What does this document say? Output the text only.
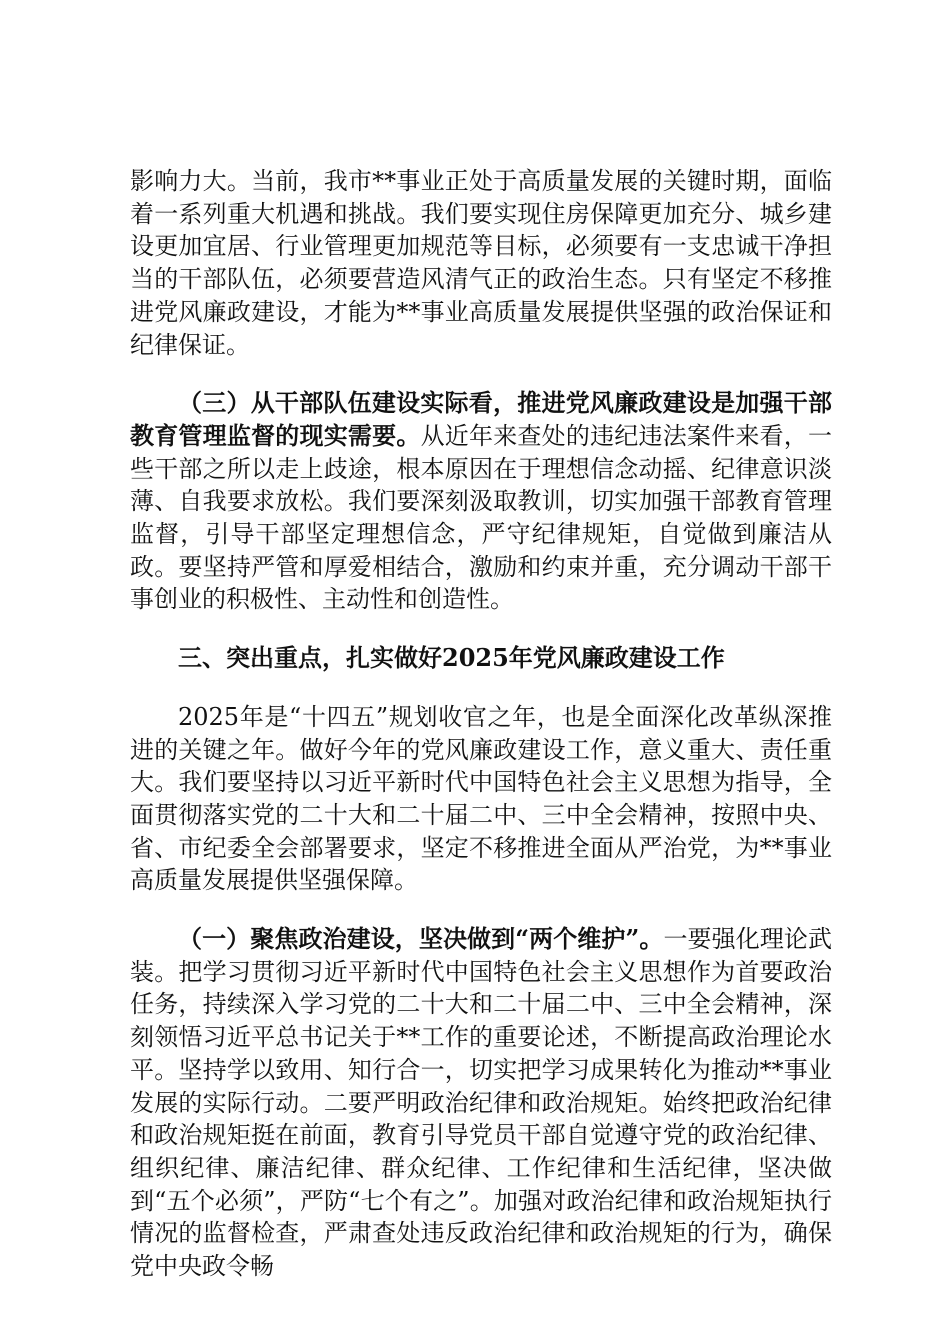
影响力大。当前，我市**事业正处于高质量发展的关键时期，面临着一系列重大机遇和挑战。我们要实现住房保障更加充分、城乡建设更加宜居、行业管理更加规范等目标，必须要有一支忠诚干净担当的干部队伍，必须要营造风清气正的政治生态。只有坚定不移推进党风廉政建设，才能为**事业高质量发展提供坚强的政治保证和纪律保证。

（三）从干部队伍建设实际看，推进党风廉政建设是加强干部教育管理监督的现实需要。从近年来查处的违纪违法案件来看，一些干部之所以走上歧途，根本原因在于理想信念动摇、纪律意识淡薄、自我要求放松。我们要深刻汲取教训，切实加强干部教育管理监督，引导干部坚定理想信念，严守纪律规矩，自觉做到廉洁从政。要坚持严管和厚爱相结合，激励和约束并重，充分调动干部干事创业的积极性、主动性和创造性。

三、突出重点，扎实做好2025年党风廉政建设工作

2025年是“十四五”规划收官之年，也是全面深化改革纵深推进的关键之年。做好今年的党风廉政建设工作，意义重大、责任重大。我们要坚持以习近平新时代中国特色社会主义思想为指导，全面贯彻落实党的二十大和二十届二中、三中全会精神，按照中央、省、市纪委全会部署要求，坚定不移推进全面从严治党，为**事业高质量发展提供坚强保障。

（一）聚焦政治建设，坚决做到“两个维护”。一要强化理论武装。把学习贯彻习近平新时代中国特色社会主义思想作为首要政治任务，持续深入学习党的二十大和二十届二中、三中全会精神，深刻领悟习近平总书记关于**工作的重要论述，不断提高政治理论水平。坚持学以致用、知行合一，切实把学习成果转化为推动**事业发展的实际行动。二要严明政治纪律和政治规矩。始终把政治纪律和政治规矩挺在前面，教育引导党员干部自觉遵守党的政治纪律、组织纪律、廉洁纪律、群众纪律、工作纪律和生活纪律，坚决做到“五个必须”，严防“七个有之”。加强对政治纪律和政治规矩执行情况的监督检查，严肃查处违反政治纪律和政治规矩的行为，确保党中央政令畅
